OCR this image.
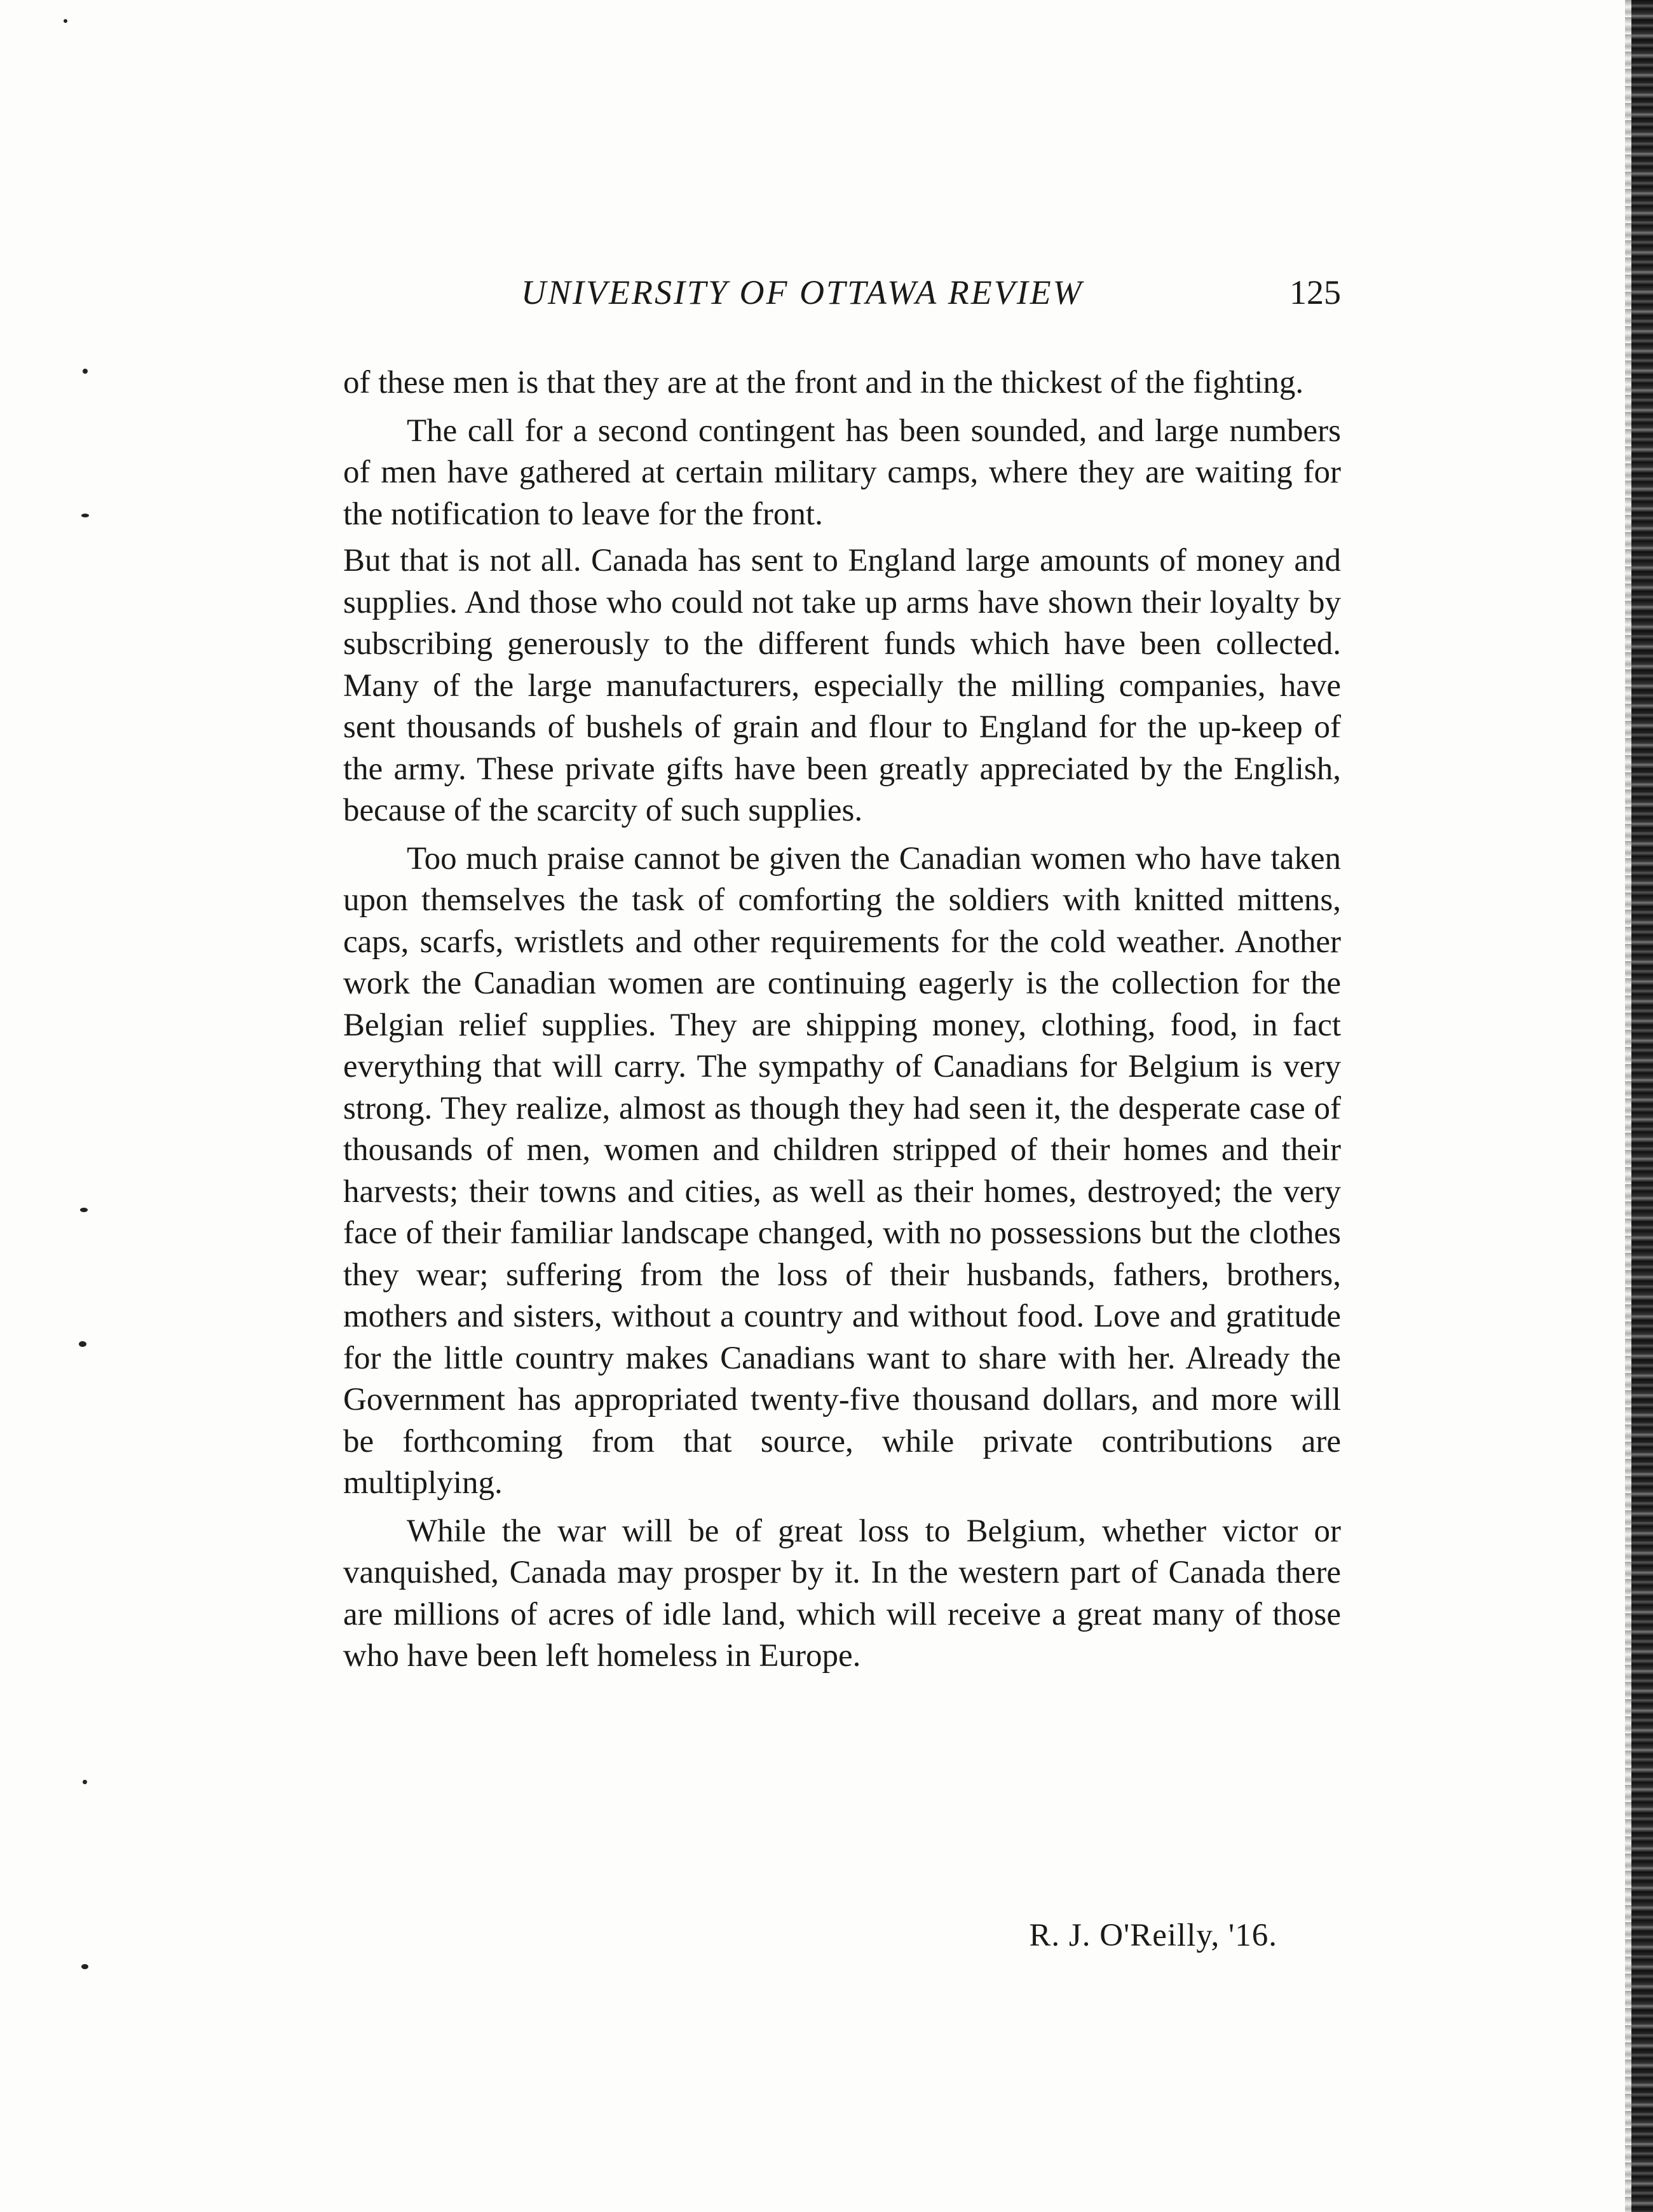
UNIVERSITY OF OTTAWA REVIEW	125

of these men is that they are at the front and in the thickest of the fighting.

The call for a second contingent has been sounded, and large numbers of men have gathered at certain military camps, where they are waiting for the notification to leave for the front.

But that is not all. Canada has sent to England large amounts of money and supplies. And those who could not take up arms have shown their loyalty by subscribing generously to the different funds which have been collected. Many of the large manufacturers, especially the milling companies, have sent thousands of bushels of grain and flour to England for the up-keep of the army. These private gifts have been greatly appreciated by the English, because of the scarcity of such supplies.

Too much praise cannot be given the Canadian women who have taken upon themselves the task of comforting the soldiers with knitted mittens, caps, scarfs, wristlets and other requirements for the cold weather. Another work the Canadian women are continuing eagerly is the collection for the Belgian relief supplies. They are shipping money, clothing, food, in fact everything that will carry. The sympathy of Canadians for Belgium is very strong. They realize, almost as though they had seen it, the desperate case of thousands of men, women and children stripped of their homes and their harvests; their towns and cities, as well as their homes, destroyed; the very face of their familiar landscape changed, with no possessions but the clothes they wear; suffering from the loss of their husbands, fathers, brothers, mothers and sisters, without a country and without food. Love and gratitude for the little country makes Canadians want to share with her. Already the Government has appropriated twenty-five thousand dollars, and more will be forthcoming from that source, while private contributions are multiplying.

While the war will be of great loss to Belgium, whether victor or vanquished, Canada may prosper by it. In the western part of Canada there are millions of acres of idle land, which will receive a great many of those who have been left homeless in Europe.

R. J. O'Reilly, '16.
